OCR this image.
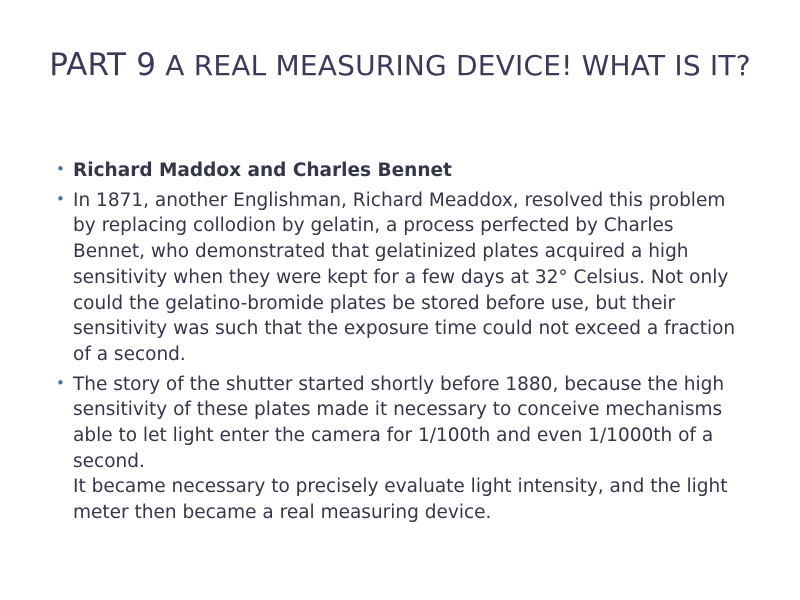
PART 9 A REAL MEASURING DEVICE! WHAT IS IT?
• Richard Maddox and Charles Bennet
• In 1871, another Englishman, Richard Meaddox, resolved this problem by replacing collodion by gelatin, a process perfected by Charles Bennet, who demonstrated that gelatinized plates acquired a high sensitivity when they were kept for a few days at 32° Celsius. Not only could the gelatino-bromide plates be stored before use, but their sensitivity was such that the exposure time could not exceed a fraction of a second.
• The story of the shutter started shortly before 1880, because the high sensitivity of these plates made it necessary to conceive mechanisms able to let light enter the camera for 1/100th and even 1/1000th of a second.
It became necessary to precisely evaluate light intensity, and the light meter then became a real measuring device.
